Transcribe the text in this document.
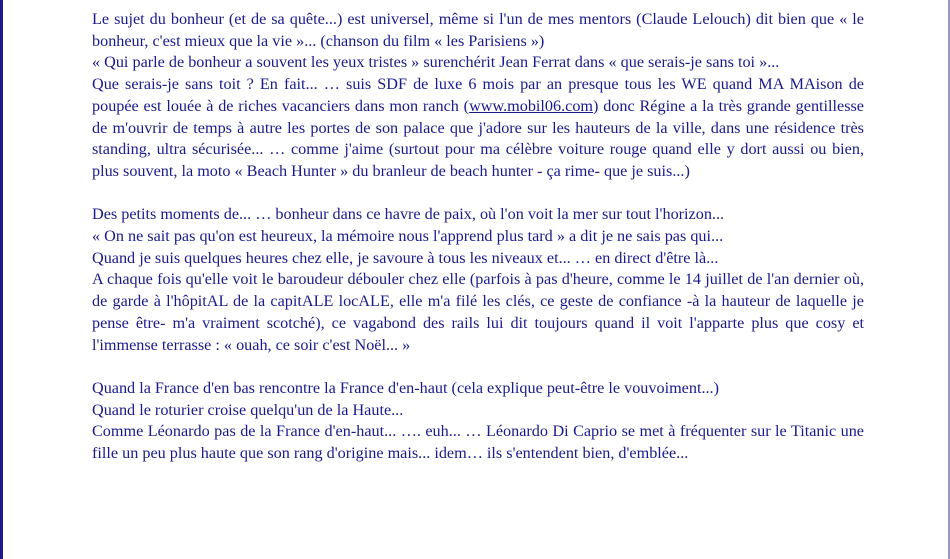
Le sujet du bonheur (et de sa quête...) est universel, même si l'un de mes mentors (Claude Lelouch) dit bien que « le bonheur, c'est mieux que la vie »... (chanson du film « les Parisiens »)

« Qui parle de bonheur a souvent les yeux tristes » surenchérit Jean Ferrat dans « que serais-je sans toi »...

Que serais-je sans toit ? En fait... … suis SDF de luxe 6 mois par an presque tous les WE quand MA MAison de poupée est louée à de riches vacanciers dans mon ranch (www.mobil06.com) donc Régine a la très grande gentillesse de m'ouvrir de temps à autre les portes de son palace que j'adore sur les hauteurs de la ville, dans une résidence très standing, ultra sécurisée... … comme j'aime (surtout pour ma célèbre voiture rouge quand elle y dort aussi ou bien, plus souvent, la moto « Beach Hunter » du branleur de beach hunter - ça rime- que je suis...)

Des petits moments de... … bonheur dans ce havre de paix, où l'on voit la mer sur tout l'horizon...

« On ne sait pas qu'on est heureux, la mémoire nous l'apprend plus tard » a dit je ne sais pas qui...

Quand je suis quelques heures chez elle, je savoure à tous les niveaux et... … en direct d'être là...

A chaque fois qu'elle voit le baroudeur débouler chez elle (parfois à pas d'heure, comme le 14 juillet de l'an dernier où, de garde à l'hôpitAL de la capitALE locALE, elle m'a filé les clés, ce geste de confiance -à la hauteur de laquelle je pense être- m'a vraiment scotché), ce vagabond des rails lui dit toujours quand il voit l'apparte plus que cosy et l'immense terrasse : « ouah, ce soir c'est Noël... »

Quand la France d'en bas rencontre la France d'en-haut (cela explique peut-être le vouvoiment...)

Quand le roturier croise quelqu'un de la Haute...

Comme Léonardo pas de la France d'en-haut... …. euh... … Léonardo Di Caprio se met à fréquenter sur le Titanic une fille un peu plus haute que son rang d'origine mais... idem… ils s'entendent bien, d'emblée...
